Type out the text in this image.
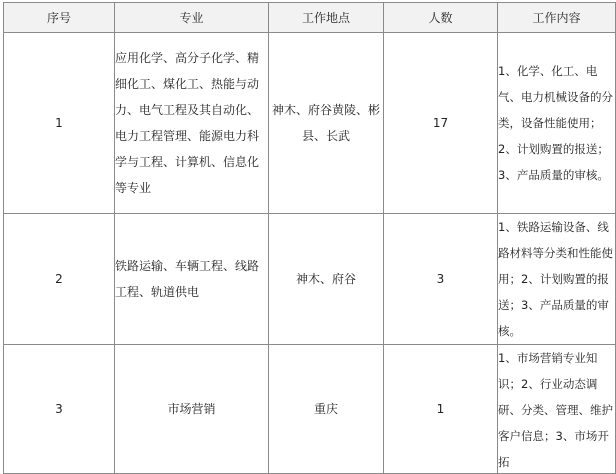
序号	专业	工作地点	人数	工作内容
1	应用化学、高分子化学、精细化工、煤化工、热能与动力、电气工程及其自动化、电力工程管理、能源电力科学与工程、计算机、信息化等专业	神木、府谷黄陵、彬县、长武	17	1、化学、化工、电气、电力机械设备的分类，设备性能使用；2、计划购置的报送；3、产品质量的审核。
2	铁路运输、车辆工程、线路工程、轨道供电	神木、府谷	3	1、铁路运输设备、线路材料等分类和性能使用；2、计划购置的报送；3、产品质量的审核。
3	市场营销	重庆	1	1、市场营销专业知识；2、行业动态调研、分类、管理、维护客户信息；3、市场开拓
